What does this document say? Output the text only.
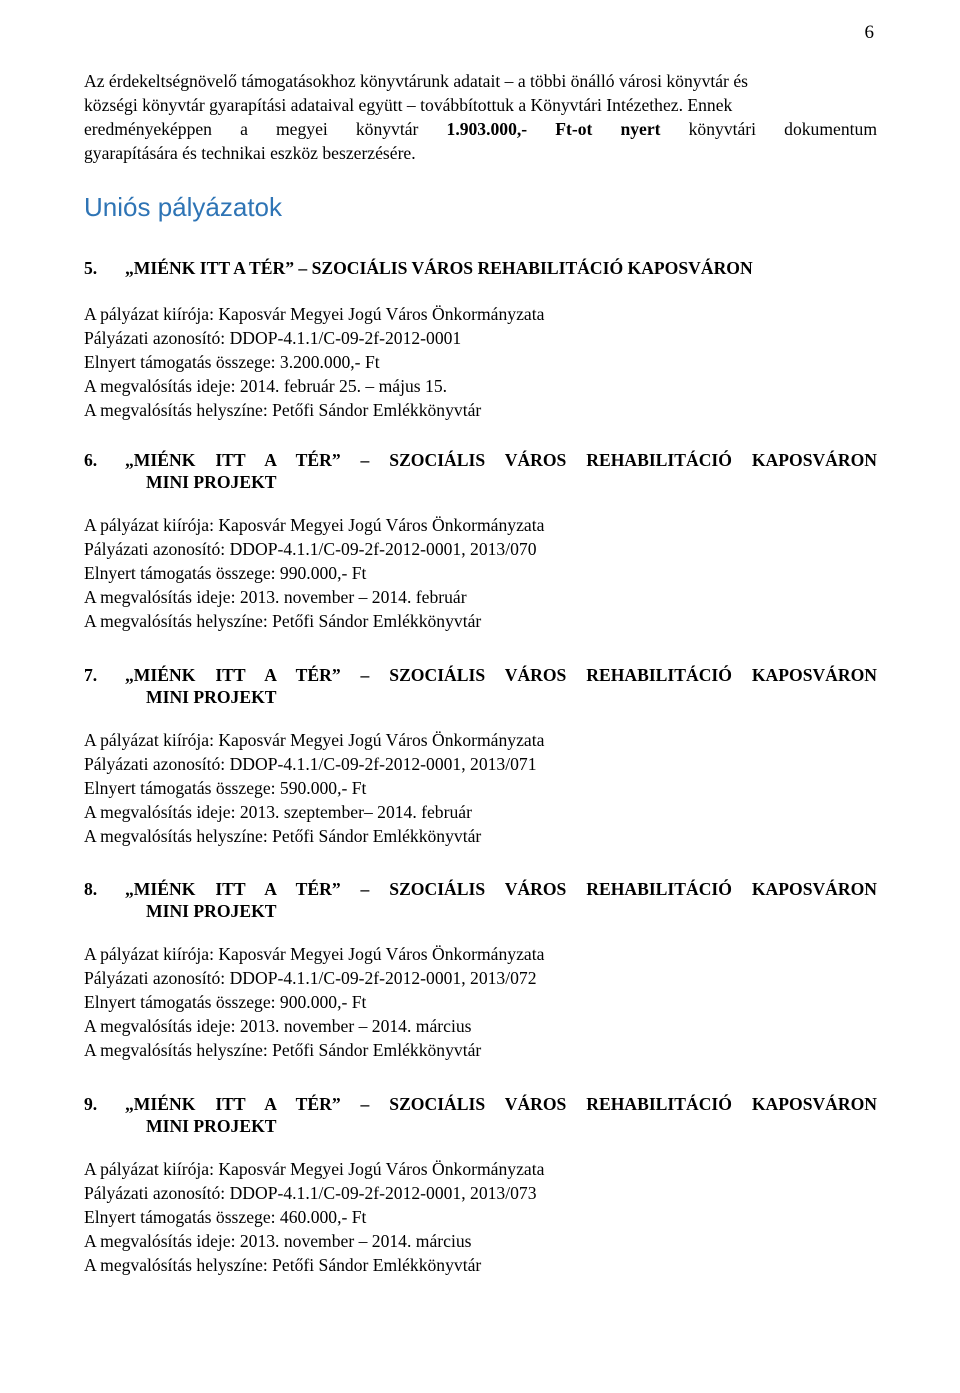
6
Az érdekeltségnövelő támogatásokhoz könyvtárunk adatait – a többi önálló városi könyvtár és
községi könyvtár gyarapítási adataival együtt – továbbítottuk a Könyvtári Intézethez. Ennek
eredményeképpen a megyei könyvtár 1.903.000,- Ft-ot nyert könyvtári dokumentum
gyarapítására és technikai eszköz beszerzésére.
Uniós pályázatok
5. „MIÉNK ITT A TÉR” – SZOCIÁLIS VÁROS REHABILITÁCIÓ KAPOSVÁRON
A pályázat kiírója: Kaposvár Megyei Jogú Város Önkormányzata
Pályázati azonosító: DDOP-4.1.1/C-09-2f-2012-0001
Elnyert támogatás összege: 3.200.000,- Ft
A megvalósítás ideje: 2014. február 25. – május 15.
A megvalósítás helyszíne: Petőfi Sándor Emlékkönyvtár
6. „MIÉNK ITT A TÉR” – SZOCIÁLIS VÁROS REHABILITÁCIÓ KAPOSVÁRON
MINI PROJEKT
A pályázat kiírója: Kaposvár Megyei Jogú Város Önkormányzata
Pályázati azonosító: DDOP-4.1.1/C-09-2f-2012-0001, 2013/070
Elnyert támogatás összege: 990.000,- Ft
A megvalósítás ideje: 2013. november – 2014. február
A megvalósítás helyszíne: Petőfi Sándor Emlékkönyvtár
7. „MIÉNK ITT A TÉR” – SZOCIÁLIS VÁROS REHABILITÁCIÓ KAPOSVÁRON
MINI PROJEKT
A pályázat kiírója: Kaposvár Megyei Jogú Város Önkormányzata
Pályázati azonosító: DDOP-4.1.1/C-09-2f-2012-0001, 2013/071
Elnyert támogatás összege: 590.000,- Ft
A megvalósítás ideje: 2013. szeptember– 2014. február
A megvalósítás helyszíne: Petőfi Sándor Emlékkönyvtár
8. „MIÉNK ITT A TÉR” – SZOCIÁLIS VÁROS REHABILITÁCIÓ KAPOSVÁRON
MINI PROJEKT
A pályázat kiírója: Kaposvár Megyei Jogú Város Önkormányzata
Pályázati azonosító: DDOP-4.1.1/C-09-2f-2012-0001, 2013/072
Elnyert támogatás összege: 900.000,- Ft
A megvalósítás ideje: 2013. november – 2014. március
A megvalósítás helyszíne: Petőfi Sándor Emlékkönyvtár
9. „MIÉNK ITT A TÉR” – SZOCIÁLIS VÁROS REHABILITÁCIÓ KAPOSVÁRON
MINI PROJEKT
A pályázat kiírója: Kaposvár Megyei Jogú Város Önkormányzata
Pályázati azonosító: DDOP-4.1.1/C-09-2f-2012-0001, 2013/073
Elnyert támogatás összege: 460.000,- Ft
A megvalósítás ideje: 2013. november – 2014. március
A megvalósítás helyszíne: Petőfi Sándor Emlékkönyvtár
